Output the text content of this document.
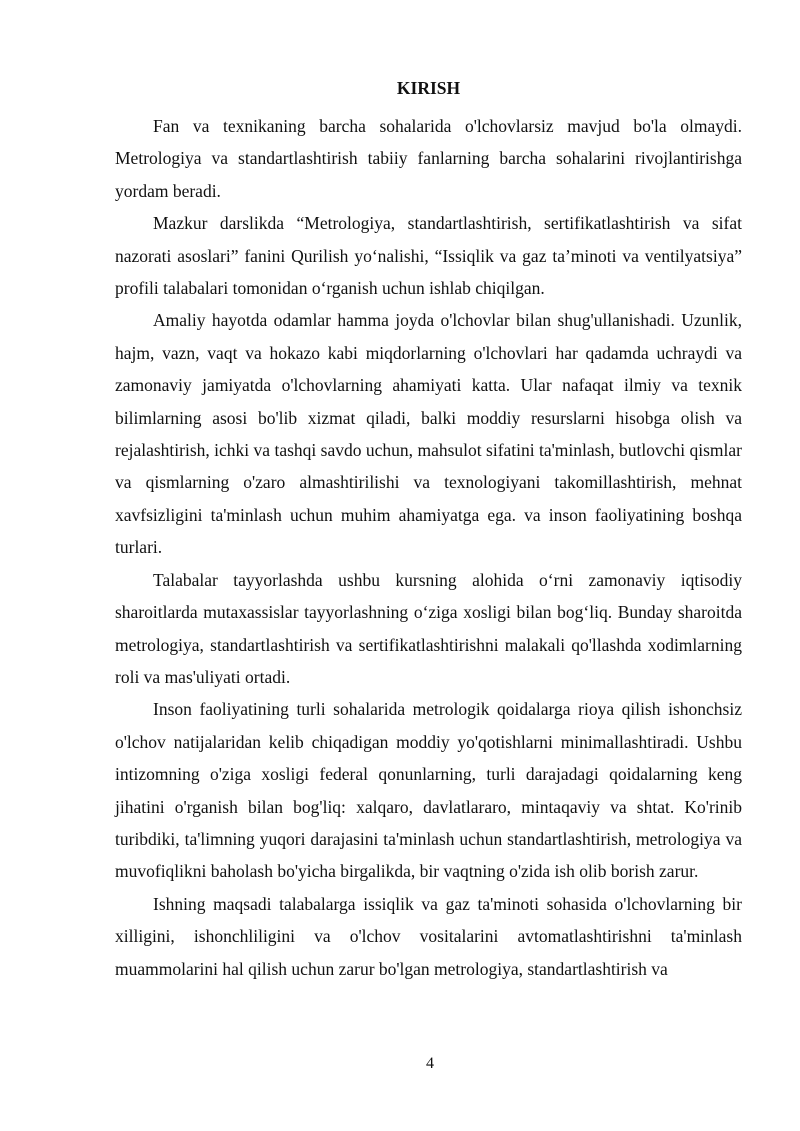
KIRISH

Fan va texnikaning barcha sohalarida o'lchovlarsiz mavjud bo'la olmaydi. Metrologiya va standartlashtirish tabiiy fanlarning barcha sohalarini rivojlantirishga yordam beradi.

Mazkur darslikda “Metrologiya, standartlashtirish, sertifikatlashtirish va sifat nazorati asoslari” fanini Qurilish yo‘nalishi, “Issiqlik va gaz ta’minoti va ventilyatsiya” profili talabalari tomonidan o‘rganish uchun ishlab chiqilgan.

Amaliy hayotda odamlar hamma joyda o'lchovlar bilan shug'ullanishadi. Uzunlik, hajm, vazn, vaqt va hokazo kabi miqdorlarning o'lchovlari har qadamda uchraydi va zamonaviy jamiyatda o'lchovlarning ahamiyati katta. Ular nafaqat ilmiy va texnik bilimlarning asosi bo'lib xizmat qiladi, balki moddiy resurslarni hisobga olish va rejalashtirish, ichki va tashqi savdo uchun, mahsulot sifatini ta'minlash, butlovchi qismlar va qismlarning o'zaro almashtirilishi va texnologiyani takomillashtirish, mehnat xavfsizligini ta'minlash uchun muhim ahamiyatga ega. va inson faoliyatining boshqa turlari.

Talabalar tayyorlashda ushbu kursning alohida o‘rni zamonaviy iqtisodiy sharoitlarda mutaxassislar tayyorlashning o‘ziga xosligi bilan bog‘liq. Bunday sharoitda metrologiya, standartlashtirish va sertifikatlashtirishni malakali qo'llashda xodimlarning roli va mas'uliyati ortadi.

Inson faoliyatining turli sohalarida metrologik qoidalarga rioya qilish ishonchsiz o'lchov natijalaridan kelib chiqadigan moddiy yo'qotishlarni minimallashtiradi. Ushbu intizomning o'ziga xosligi federal qonunlarning, turli darajadagi qoidalarning keng jihatini o'rganish bilan bog'liq: xalqaro, davlatlararo, mintaqaviy va shtat. Ko'rinib turibdiki, ta'limning yuqori darajasini ta'minlash uchun standartlashtirish, metrologiya va muvofiqlikni baholash bo'yicha birgalikda, bir vaqtning o'zida ish olib borish zarur.

Ishning maqsadi talabalarga issiqlik va gaz ta'minoti sohasida o'lchovlarning bir xilligini, ishonchliligini va o'lchov vositalarini avtomatlashtirishni ta'minlash muammolarini hal qilish uchun zarur bo'lgan metrologiya, standartlashtirish va

4
